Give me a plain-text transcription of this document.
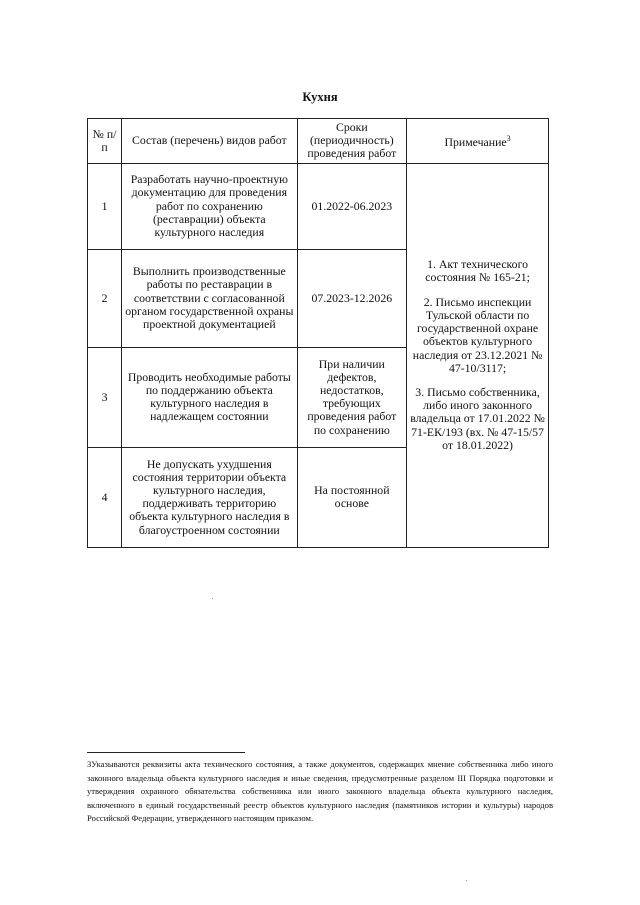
Кухня
№ п/п	Состав (перечень) видов работ	Сроки (периодичность) проведения работ	Примечание$^3$
1	Разработать научно-проектную документацию для проведения работ по сохранению (реставрации) объекта культурного наследия	01.2022-06.2023	1. Акт технического состояния № 165-21;

2. Письмо инспекции Тульской области по государственной охране объектов культурного наследия от 23.12.2021 № 47-10/3117;

3. Письмо собственника, либо иного законного владельца от 17.01.2022 № 71-ЕК/193 (вх. № 47-15/57 от 18.01.2022)

2	Выполнить производственные работы по реставрации в соответствии с согласованной органом государственной охраны проектной документацией	07.2023-12.2026	
3	Проводить необходимые работы по поддержанию объекта культурного наследия в надлежащем состоянии	При наличии дефектов, недостатков, требующих проведения работ по сохранению	
4	Не допускать ухудшения состояния территории объекта культурного наследия, поддерживать территорию объекта культурного наследия в благоустроенном состоянии	На постоянной основе	
3Указываются реквизиты акта технического состояния, а также документов, содержащих мнение собственника либо иного законного владельца объекта культурного наследия и иные сведения, предусмотренные разделом III Порядка подготовки и утверждения охранного обязательства собственника или иного законного владельца объекта культурного наследия, включенного в единый государственный реестр объектов культурного наследия (памятников истории и культуры) народов Российской Федерации, утвержденного настоящим приказом.
